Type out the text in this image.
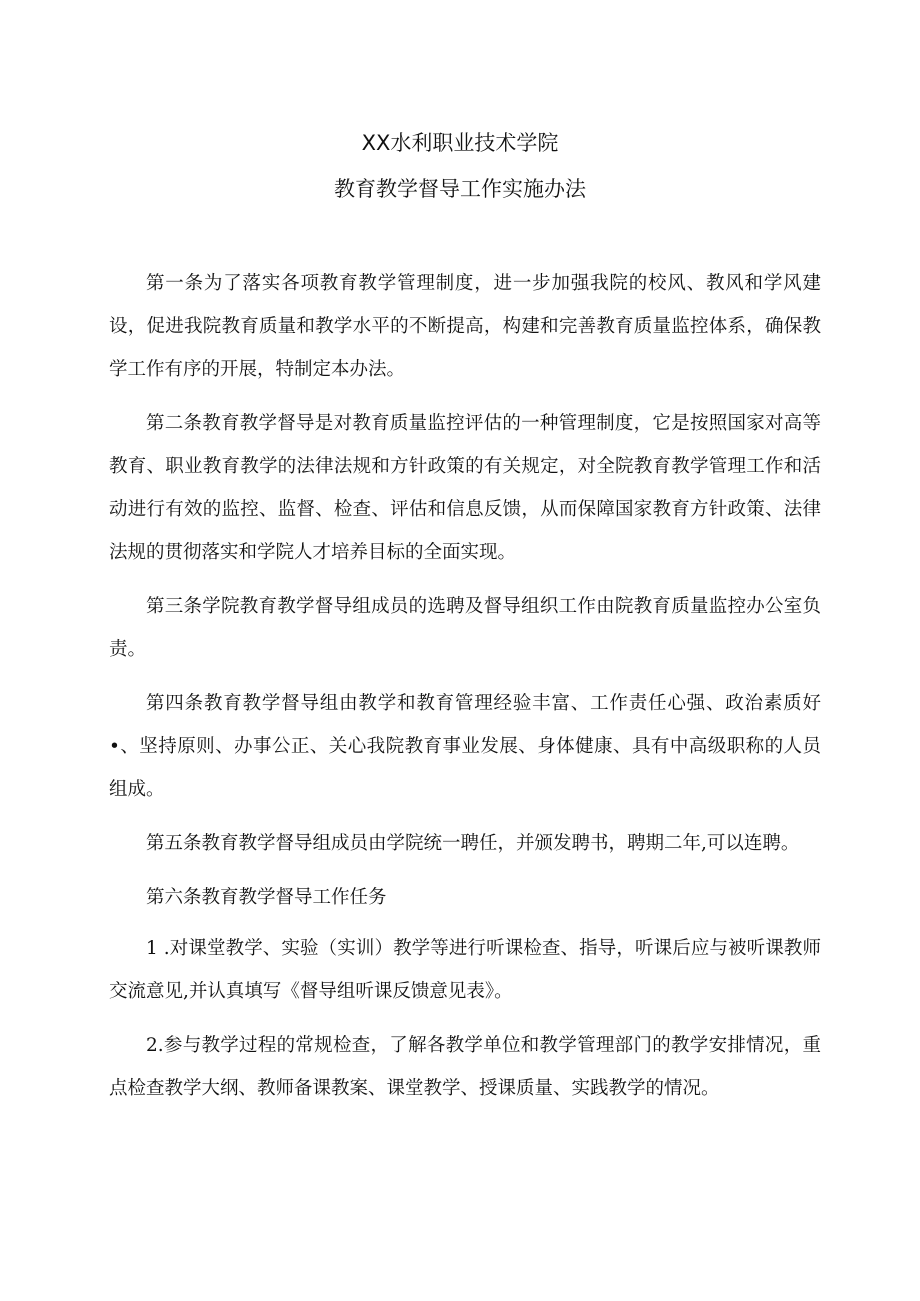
XX水利职业技术学院
教育教学督导工作实施办法

第一条为了落实各项教育教学管理制度，进一步加强我院的校风、教风和学风建设，促进我院教育质量和教学水平的不断提高，构建和完善教育质量监控体系，确保教学工作有序的开展，特制定本办法。

第二条教育教学督导是对教育质量监控评估的一种管理制度，它是按照国家对高等教育、职业教育教学的法律法规和方针政策的有关规定，对全院教育教学管理工作和活动进行有效的监控、监督、检查、评估和信息反馈，从而保障国家教育方针政策、法律法规的贯彻落实和学院人才培养目标的全面实现。

第三条学院教育教学督导组成员的选聘及督导组织工作由院教育质量监控办公室负责。

第四条教育教学督导组由教学和教育管理经验丰富、工作责任心强、政治素质好•、坚持原则、办事公正、关心我院教育事业发展、身体健康、具有中高级职称的人员组成。

第五条教育教学督导组成员由学院统一聘任，并颁发聘书，聘期二年,可以连聘。

第六条教育教学督导工作任务

1 .对课堂教学、实验（实训）教学等进行听课检查、指导，听课后应与被听课教师交流意见,并认真填写《督导组听课反馈意见表》。

2.参与教学过程的常规检查，了解各教学单位和教学管理部门的教学安排情况，重点检查教学大纲、教师备课教案、课堂教学、授课质量、实践教学的情况。
